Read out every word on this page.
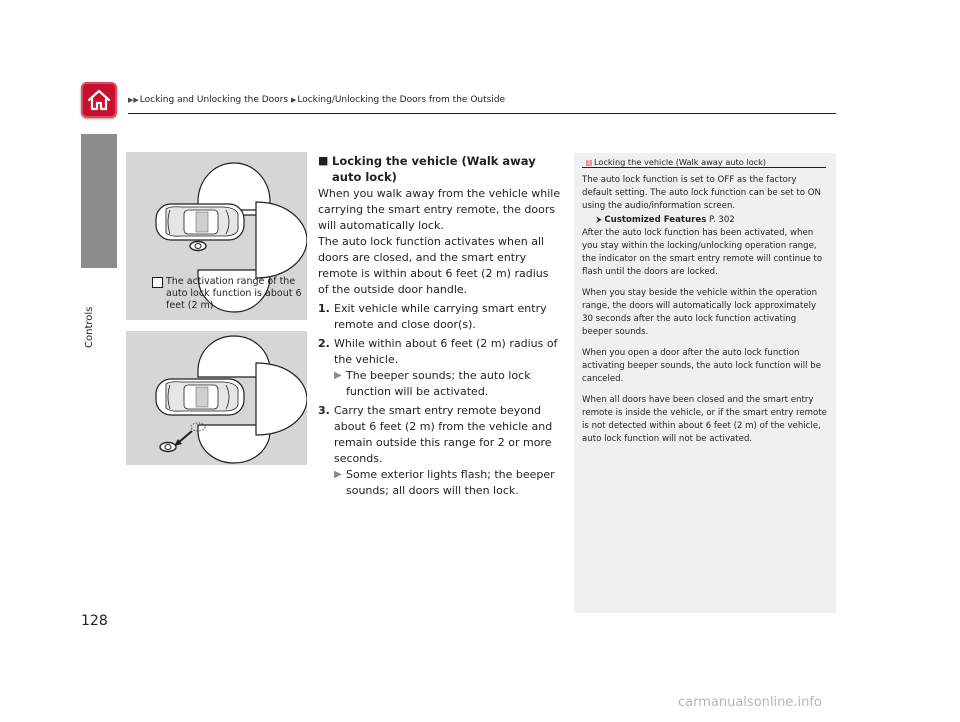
▶▶Locking and Unlocking the Doors ▶Locking/Unlocking the Doors from the Outside
Controls
128
The activation range of the auto lock function is about 6 feet (2 m)
■ Locking the vehicle (Walk away auto lock)

When you walk away from the vehicle while carrying the smart entry remote, the doors will automatically lock.

The auto lock function activates when all doors are closed, and the smart entry remote is within about 6 feet (2 m) radius of the outside door handle.

1. Exit vehicle while carrying smart entry remote and close door(s).
2. While within about 6 feet (2 m) radius of the vehicle.
▶ The beeper sounds; the auto lock function will be activated.
3. Carry the smart entry remote beyond about 6 feet (2 m) from the vehicle and remain outside this range for 2 or more seconds.
▶ Some exterior lights flash; the beeper sounds; all doors will then lock.
1 Locking the vehicle (Walk away auto lock)

The auto lock function is set to OFF as the factory default setting. The auto lock function can be set to ON using the audio/information screen.
⮞ Customized Features P. 302
After the auto lock function has been activated, when you stay within the locking/unlocking operation range, the indicator on the smart entry remote will continue to flash until the doors are locked.

When you stay beside the vehicle within the operation range, the doors will automatically lock approximately 30 seconds after the auto lock function activating beeper sounds.

When you open a door after the auto lock function activating beeper sounds, the auto lock function will be canceled.

When all doors have been closed and the smart entry remote is inside the vehicle, or if the smart entry remote is not detected within about 6 feet (2 m) of the vehicle, auto lock function will not be activated.

carmanualsonline.info
